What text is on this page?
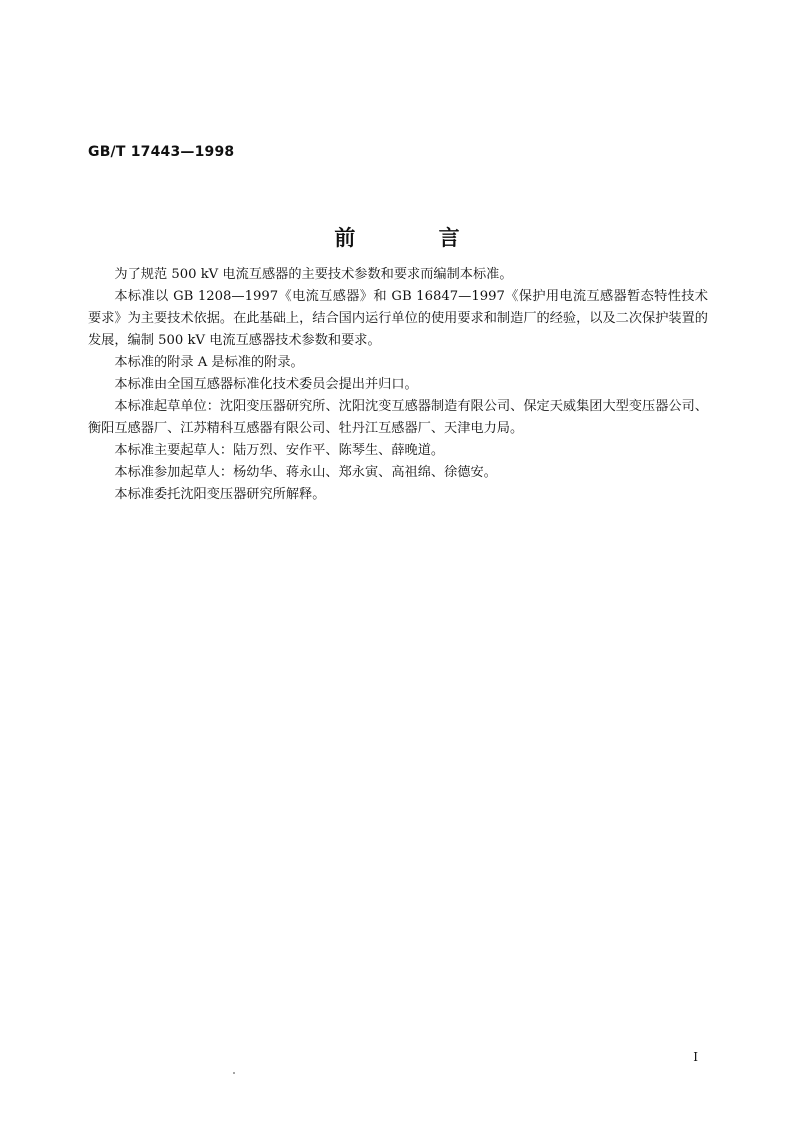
GB/T 17443—1998
前 言

为了规范 500 kV 电流互感器的主要技术参数和要求而编制本标准。

本标准以 GB 1208—1997《电流互感器》和 GB 16847—1997《保护用电流互感器暂态特性技术要求》为主要技术依据。在此基础上，结合国内运行单位的使用要求和制造厂的经验，以及二次保护装置的发展，编制 500 kV 电流互感器技术参数和要求。

本标准的附录 A 是标准的附录。

本标准由全国互感器标准化技术委员会提出并归口。

本标准起草单位：沈阳变压器研究所、沈阳沈变互感器制造有限公司、保定天威集团大型变压器公司、衡阳互感器厂、江苏精科互感器有限公司、牡丹江互感器厂、天津电力局。

本标准主要起草人：陆万烈、安作平、陈琴生、薛晚道。

本标准参加起草人：杨幼华、蒋永山、郑永寅、高祖绵、徐德安。

本标准委托沈阳变压器研究所解释。

I
